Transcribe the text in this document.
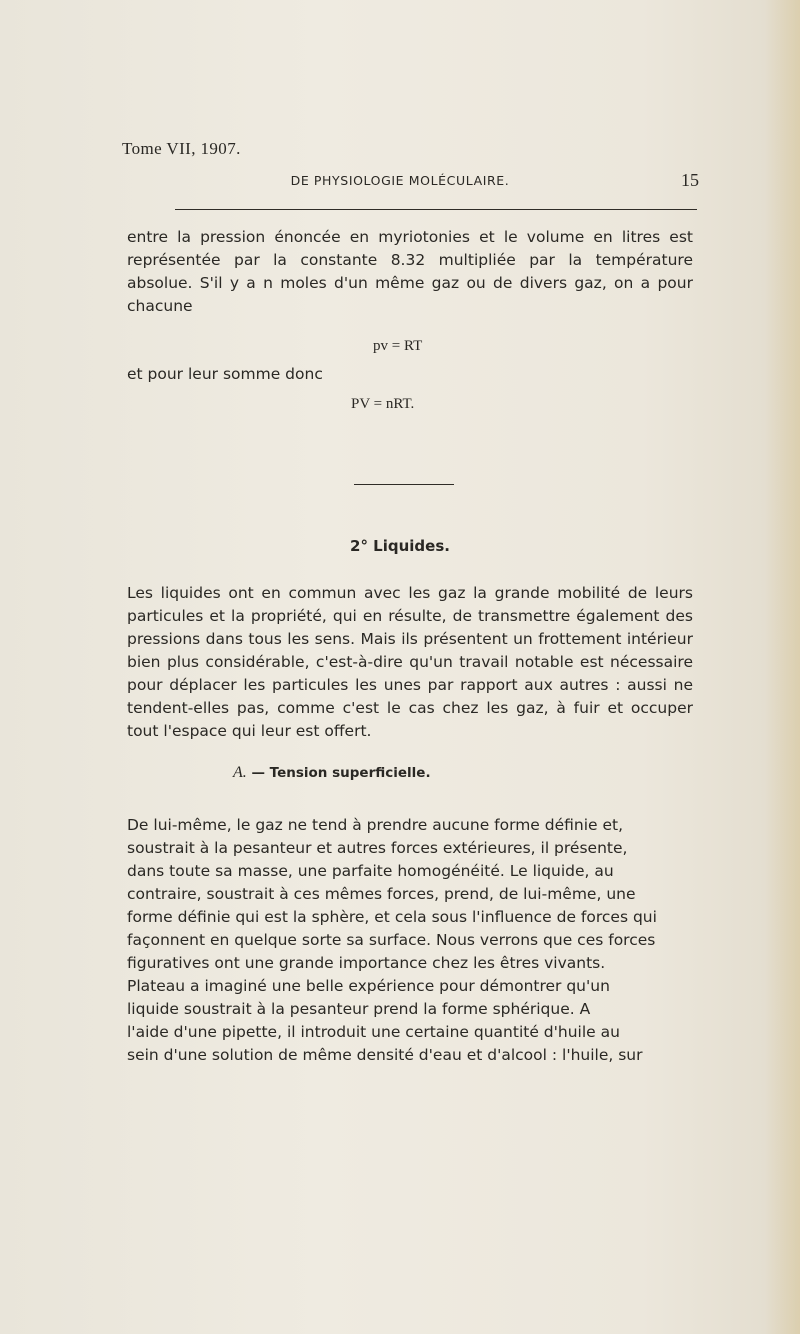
Tome VII, 1907.
DE PHYSIOLOGIE MOLÉCULAIRE.	15
entre la pression énoncée en myriotonies et le volume en litres est représentée par la constante 8.32 multipliée par la température absolue. S'il y a n moles d'un même gaz ou de divers gaz, on a pour chacune
pv = RT
et pour leur somme donc
PV = nRT.
2° Liquides.
Les liquides ont en commun avec les gaz la grande mobilité de leurs particules et la propriété, qui en résulte, de transmettre également des pressions dans tous les sens. Mais ils présentent un frottement intérieur bien plus considérable, c'est-à-dire qu'un travail notable est nécessaire pour déplacer les particules les unes par rapport aux autres : aussi ne tendent-elles pas, comme c'est le cas chez les gaz, à fuir et occuper tout l'espace qui leur est offert.
A. — Tension superficielle.
De lui-même, le gaz ne tend à prendre aucune forme définie et,
soustrait à la pesanteur et autres forces extérieures, il présente,
dans toute sa masse, une parfaite homogénéité. Le liquide, au
contraire, soustrait à ces mêmes forces, prend, de lui-même, une
forme définie qui est la sphère, et cela sous l'influence de forces qui
façonnent en quelque sorte sa surface. Nous verrons que ces forces
figuratives ont une grande importance chez les êtres vivants.
Plateau a imaginé une belle expérience pour démontrer qu'un
liquide soustrait à la pesanteur prend la forme sphérique. A
l'aide d'une pipette, il introduit une certaine quantité d'huile au
sein d'une solution de même densité d'eau et d'alcool : l'huile, sur
